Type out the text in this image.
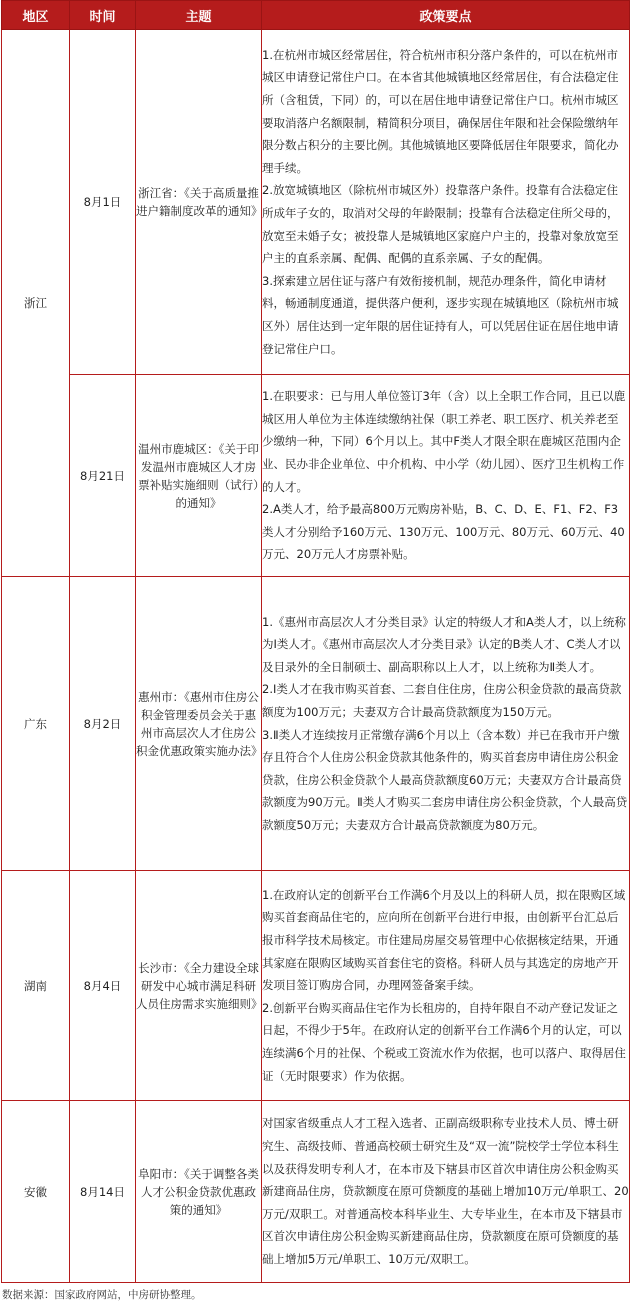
地区	时间	主题	政策要点
浙江	8月1日	浙江省：《关于高质量推进户籍制度改革的通知》	1.在杭州市城区经常居住，符合杭州市积分落户条件的，可以在杭州市城区申请登记常住户口。在本省其他城镇地区经常居住，有合法稳定住所（含租赁，下同）的，可以在居住地申请登记常住户口。杭州市城区要取消落户名额限制，精简积分项目，确保居住年限和社会保险缴纳年限分数占积分的主要比例。其他城镇地区要降低居住年限要求，简化办理手续。

2.放宽城镇地区（除杭州市城区外）投靠落户条件。投靠有合法稳定住所成年子女的，取消对父母的年龄限制；投靠有合法稳定住所父母的，放宽至未婚子女；被投靠人是城镇地区家庭户户主的，投靠对象放宽至户主的直系亲属、配偶、配偶的直系亲属、子女的配偶。

3.探索建立居住证与落户有效衔接机制，规范办理条件，简化申请材料，畅通制度通道，提供落户便利，逐步实现在城镇地区（除杭州市城区外）居住达到一定年限的居住证持有人，可以凭居住证在居住地申请登记常住户口。

	8月21日	温州市鹿城区：《关于印发温州市鹿城区人才房票补贴实施细则（试行）的通知》	1.在职要求：已与用人单位签订3年（含）以上全职工作合同，且已以鹿城区用人单位为主体连续缴纳社保（职工养老、职工医疗、机关养老至少缴纳一种，下同）6个月以上。其中F类人才限全职在鹿城区范围内企业、民办非企业单位、中介机构、中小学（幼儿园）、医疗卫生机构工作的人才。

2.A类人才，给予最高800万元购房补贴，B、C、D、E、F1、F2、F3类人才分别给予160万元、130万元、100万元、80万元、60万元、40万元、20万元人才房票补贴。

广东	8月2日	惠州市：《惠州市住房公积金管理委员会关于惠州市高层次人才住房公积金优惠政策实施办法》	1.《惠州市高层次人才分类目录》认定的特级人才和A类人才，以上统称为Ⅰ类人才。《惠州市高层次人才分类目录》认定的B类人才、C类人才以及目录外的全日制硕士、副高职称以上人才，以上统称为Ⅱ类人才。

2.Ⅰ类人才在我市购买首套、二套自住住房，住房公积金贷款的最高贷款额度为100万元；夫妻双方合计最高贷款额度为150万元。

3.Ⅱ类人才连续按月正常缴存满6个月以上（含本数）并已在我市开户缴存且符合个人住房公积金贷款其他条件的，购买首套房申请住房公积金贷款，住房公积金贷款个人最高贷款额度60万元；夫妻双方合计最高贷款额度为90万元。Ⅱ类人才购买二套房申请住房公积金贷款，个人最高贷款额度50万元；夫妻双方合计最高贷款额度为80万元。

湖南	8月4日	长沙市：《全力建设全球研发中心城市满足科研人员住房需求实施细则》	1.在政府认定的创新平台工作满6个月及以上的科研人员，拟在限购区域购买首套商品住宅的，应向所在创新平台进行申报，由创新平台汇总后报市科学技术局核定。市住建局房屋交易管理中心依据核定结果，开通其家庭在限购区域购买首套住宅的资格。科研人员与其选定的房地产开发项目签订购房合同，办理网签备案手续。

2.创新平台购买商品住宅作为长租房的，自持年限自不动产登记发证之日起，不得少于5年。在政府认定的创新平台工作满6个月的认定，可以连续满6个月的社保、个税或工资流水作为依据，也可以落户、取得居住证（无时限要求）作为依据。

安徽	8月14日	阜阳市：《关于调整各类人才公积金贷款优惠政策的通知》	对国家省级重点人才工程入选者、正副高级职称专业技术人员、博士研究生、高级技师、普通高校硕士研究生及“双一流”院校学士学位本科生以及获得发明专利人才，在本市及下辖县市区首次申请住房公积金购买新建商品住房，贷款额度在原可贷额度的基础上增加10万元/单职工、20万元/双职工。对普通高校本科毕业生、大专毕业生，在本市及下辖县市区首次申请住房公积金购买新建商品住房，贷款额度在原可贷额度的基础上增加5万元/单职工、10万元/双职工。

数据来源：国家政府网站，中房研协整理。
